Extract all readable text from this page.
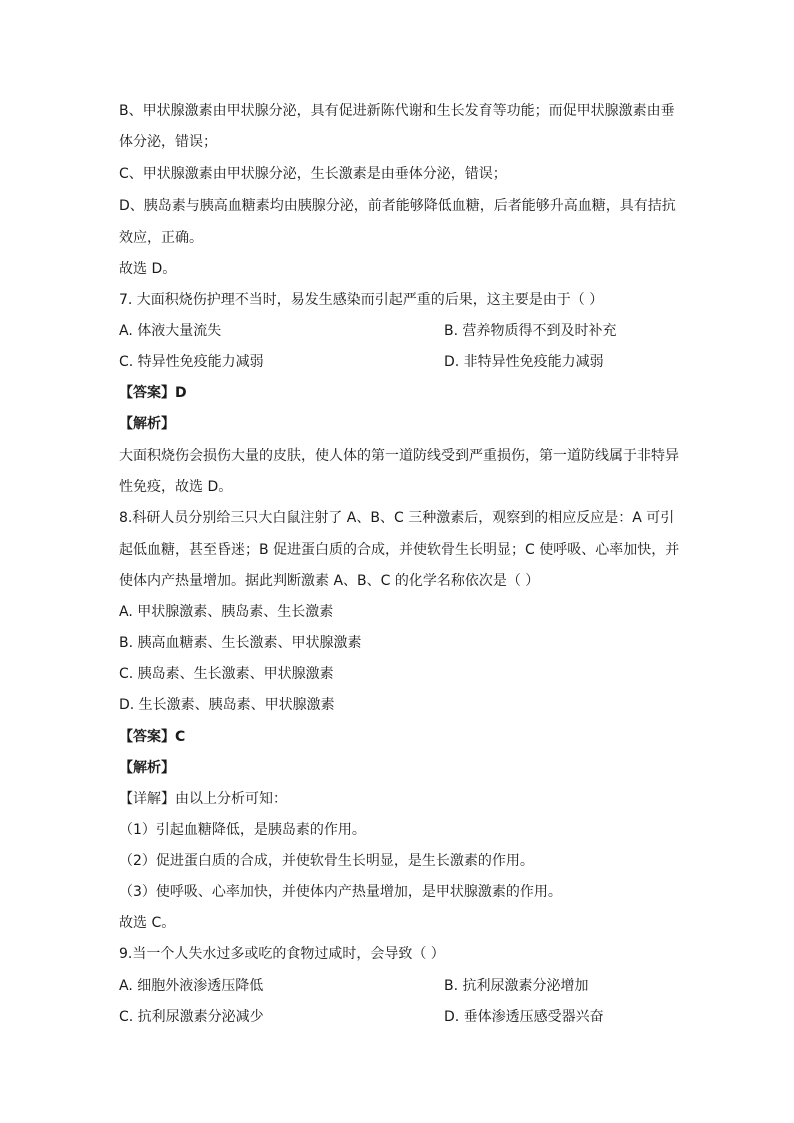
B、甲状腺激素由甲状腺分泌，具有促进新陈代谢和生长发育等功能；而促甲状腺激素由垂
体分泌，错误；
C、甲状腺激素由甲状腺分泌，生长激素是由垂体分泌，错误；
D、胰岛素与胰高血糖素均由胰腺分泌，前者能够降低血糖，后者能够升高血糖，具有拮抗
效应，正确。
故选 D。
7. 大面积烧伤护理不当时，易发生感染而引起严重的后果，这主要是由于（ ）
A. 体液大量流失	B. 营养物质得不到及时补充
C. 特异性免疫能力减弱	D. 非特异性免疫能力减弱
【答案】D
【解析】
大面积烧伤会损伤大量的皮肤，使人体的第一道防线受到严重损伤，第一道防线属于非特异
性免疫，故选 D。
8.科研人员分别给三只大白鼠注射了 A、B、C 三种激素后，观察到的相应反应是：A 可引
起低血糖，甚至昏迷；B 促进蛋白质的合成，并使软骨生长明显；C 使呼吸、心率加快，并
使体内产热量增加。据此判断激素 A、B、C 的化学名称依次是（ ）
A. 甲状腺激素、胰岛素、生长激素
B. 胰高血糖素、生长激素、甲状腺激素
C. 胰岛素、生长激素、甲状腺激素
D. 生长激素、胰岛素、甲状腺激素
【答案】C
【解析】
【详解】由以上分析可知：
（1）引起血糖降低，是胰岛素的作用。
（2）促进蛋白质的合成，并使软骨生长明显，是生长激素的作用。
（3）使呼吸、心率加快，并使体内产热量增加，是甲状腺激素的作用。
故选 C。
9.当一个人失水过多或吃的食物过咸时，会导致（ ）
A. 细胞外液渗透压降低	B. 抗利尿激素分泌增加
C. 抗利尿激素分泌减少	D. 垂体渗透压感受器兴奋
